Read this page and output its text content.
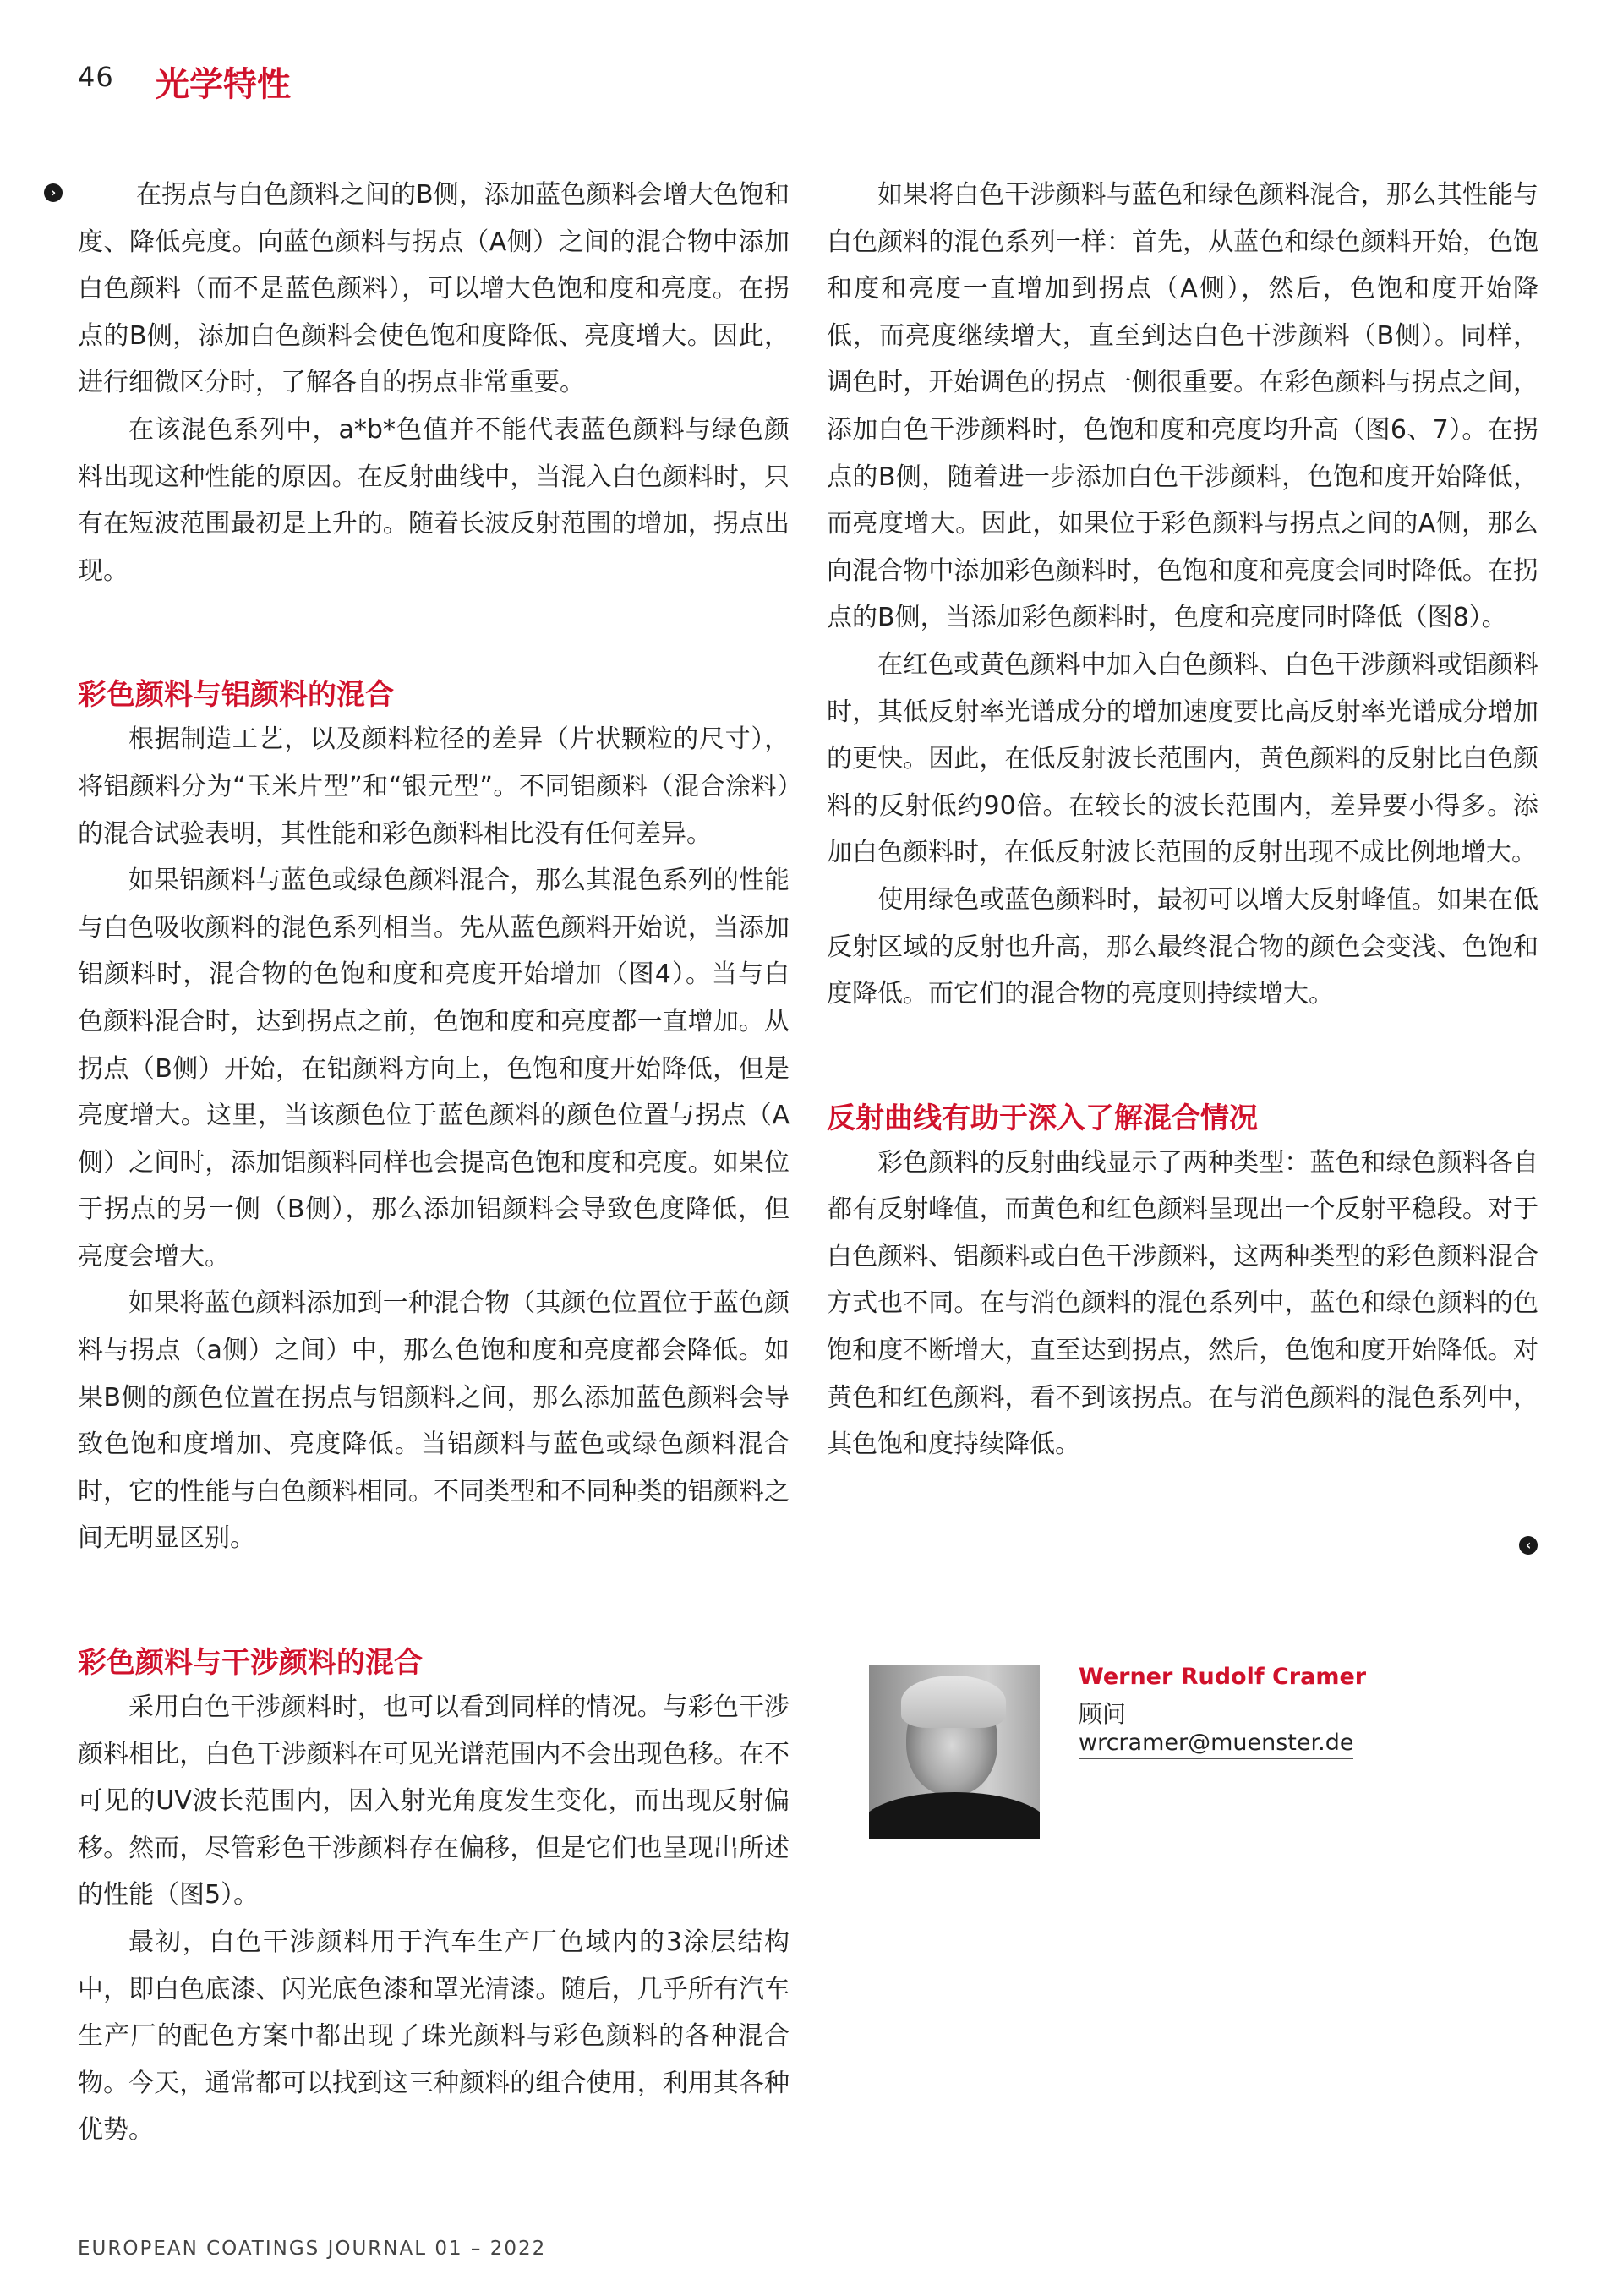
46 光学特性
›	在拐点与白色颜料之间的B侧，添加蓝色颜料会增大色饱和度、降低亮度。向蓝色颜料与拐点（A侧）之间的混合物中添加白色颜料（而不是蓝色颜料），可以增大色饱和度和亮度。在拐点的B侧，添加白色颜料会使色饱和度降低、亮度增大。因此，进行细微区分时，了解各自的拐点非常重要。

在该混色系列中，a*b*色值并不能代表蓝色颜料与绿色颜料出现这种性能的原因。在反射曲线中，当混入白色颜料时，只有在短波范围最初是上升的。随着长波反射范围的增加，拐点出现。

彩色颜料与铝颜料的混合

根据制造工艺，以及颜料粒径的差异（片状颗粒的尺寸），将铝颜料分为“玉米片型”和“银元型”。不同铝颜料（混合涂料）的混合试验表明，其性能和彩色颜料相比没有任何差异。

如果铝颜料与蓝色或绿色颜料混合，那么其混色系列的性能与白色吸收颜料的混色系列相当。先从蓝色颜料开始说，当添加铝颜料时，混合物的色饱和度和亮度开始增加（图4）。当与白色颜料混合时，达到拐点之前，色饱和度和亮度都一直增加。从拐点（B侧）开始，在铝颜料方向上，色饱和度开始降低，但是亮度增大。这里，当该颜色位于蓝色颜料的颜色位置与拐点（A侧）之间时，添加铝颜料同样也会提高色饱和度和亮度。如果位于拐点的另一侧（B侧），那么添加铝颜料会导致色度降低，但亮度会增大。

如果将蓝色颜料添加到一种混合物（其颜色位置位于蓝色颜料与拐点（a侧）之间）中，那么色饱和度和亮度都会降低。如果B侧的颜色位置在拐点与铝颜料之间，那么添加蓝色颜料会导致色饱和度增加、亮度降低。当铝颜料与蓝色或绿色颜料混合时，它的性能与白色颜料相同。不同类型和不同种类的铝颜料之间无明显区别。

彩色颜料与干涉颜料的混合

采用白色干涉颜料时，也可以看到同样的情况。与彩色干涉颜料相比，白色干涉颜料在可见光谱范围内不会出现色移。在不可见的UV波长范围内，因入射光角度发生变化，而出现反射偏移。然而，尽管彩色干涉颜料存在偏移，但是它们也呈现出所述的性能（图5）。

最初，白色干涉颜料用于汽车生产厂色域内的3涂层结构中，即白色底漆、闪光底色漆和罩光清漆。随后，几乎所有汽车生产厂的配色方案中都出现了珠光颜料与彩色颜料的各种混合物。今天，通常都可以找到这三种颜料的组合使用，利用其各种优势。

如果将白色干涉颜料与蓝色和绿色颜料混合，那么其性能与白色颜料的混色系列一样：首先，从蓝色和绿色颜料开始，色饱和度和亮度一直增加到拐点（A侧），然后，色饱和度开始降低，而亮度继续增大，直至到达白色干涉颜料（B侧）。同样，调色时，开始调色的拐点一侧很重要。在彩色颜料与拐点之间，添加白色干涉颜料时，色饱和度和亮度均升高（图6、7）。在拐点的B侧，随着进一步添加白色干涉颜料，色饱和度开始降低，而亮度增大。因此，如果位于彩色颜料与拐点之间的A侧，那么向混合物中添加彩色颜料时，色饱和度和亮度会同时降低。在拐点的B侧，当添加彩色颜料时，色度和亮度同时降低（图8）。

在红色或黄色颜料中加入白色颜料、白色干涉颜料或铝颜料时，其低反射率光谱成分的增加速度要比高反射率光谱成分增加的更快。因此，在低反射波长范围内，黄色颜料的反射比白色颜料的反射低约90倍。在较长的波长范围内，差异要小得多。添加白色颜料时，在低反射波长范围的反射出现不成比例地增大。

使用绿色或蓝色颜料时，最初可以增大反射峰值。如果在低反射区域的反射也升高，那么最终混合物的颜色会变浅、色饱和度降低。而它们的混合物的亮度则持续增大。

反射曲线有助于深入了解混合情况

彩色颜料的反射曲线显示了两种类型：蓝色和绿色颜料各自都有反射峰值，而黄色和红色颜料呈现出一个反射平稳段。对于白色颜料、铝颜料或白色干涉颜料，这两种类型的彩色颜料混合方式也不同。在与消色颜料的混色系列中，蓝色和绿色颜料的色饱和度不断增大，直至达到拐点，然后，色饱和度开始降低。对黄色和红色颜料，看不到该拐点。在与消色颜料的混色系列中，其色饱和度持续降低。

‹
Werner Rudolf Cramer
顾问
wrcramer@muenster.de
EUROPEAN COATINGS JOURNAL 01 – 2022
